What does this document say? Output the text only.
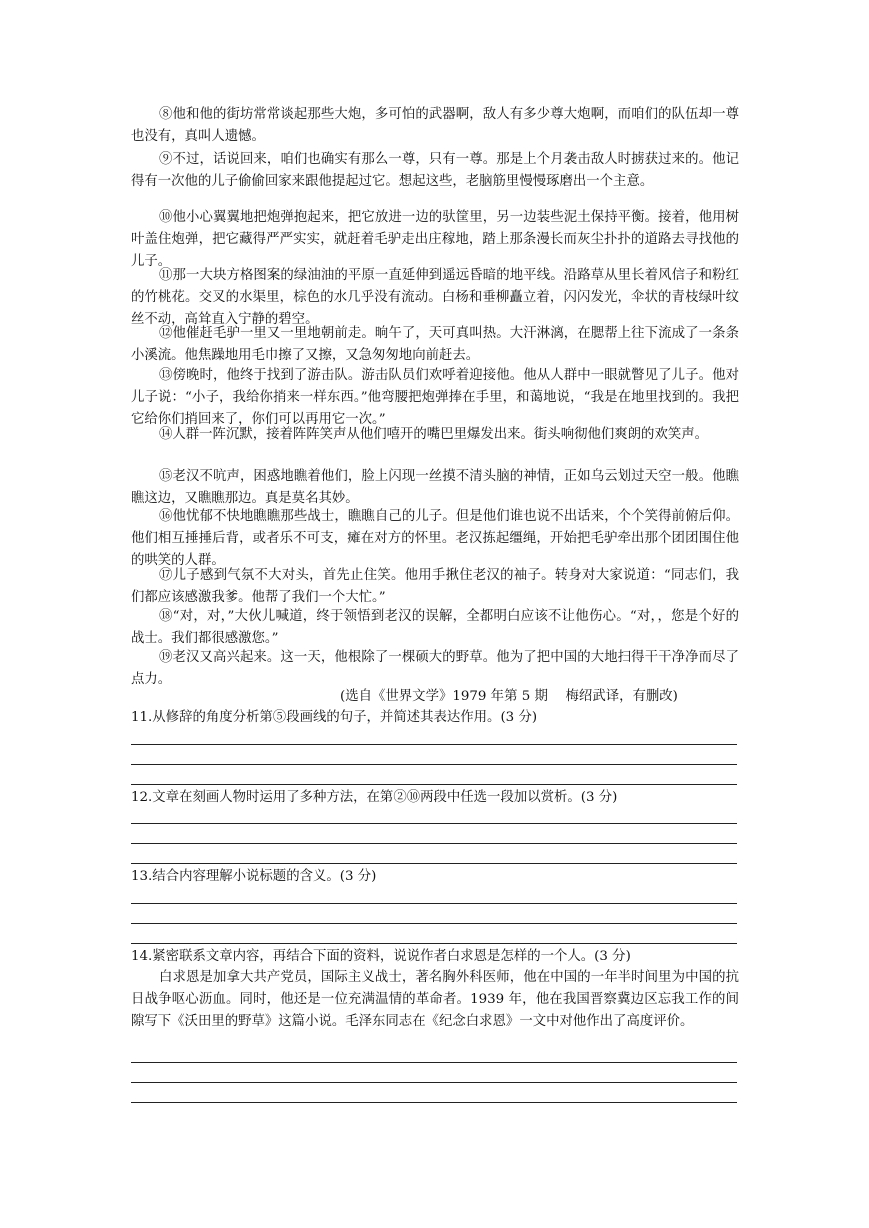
⑧他和他的街坊常常谈起那些大炮，多可怕的武器啊，敌人有多少尊大炮啊，而咱们的队伍却一尊也没有，真叫人遗憾。

⑨不过，话说回来，咱们也确实有那么一尊，只有一尊。那是上个月袭击敌人时掳获过来的。他记得有一次他的儿子偷偷回家来跟他提起过它。想起这些，老脑筋里慢慢琢磨出一个主意。

⑩他小心翼翼地把炮弹抱起来，把它放进一边的驮筐里，另一边装些泥土保持平衡。接着，他用树叶盖住炮弹，把它藏得严严实实，就赶着毛驴走出庄稼地，踏上那条漫长而灰尘扑扑的道路去寻找他的儿子。

⑪那一大块方格图案的绿油油的平原一直延伸到遥远昏暗的地平线。沿路草从里长着风信子和粉红的竹桃花。交叉的水渠里，棕色的水几乎没有流动。白杨和垂柳矗立着，闪闪发光，伞状的青枝绿叶纹丝不动，高耸直入宁静的碧空。

⑫他催赶毛驴一里又一里地朝前走。晌午了，天可真叫热。大汗淋漓，在腮帮上往下流成了一条条小溪流。他焦躁地用毛巾擦了又擦，又急匆匆地向前赶去。

⑬傍晚时，他终于找到了游击队。游击队员们欢呼着迎接他。他从人群中一眼就瞥见了儿子。他对儿子说：“小子，我给你捎来一样东西。”他弯腰把炮弹捧在手里，和蔼地说，“我是在地里找到的。我把它给你们捎回来了，你们可以再用它一次。”

⑭人群一阵沉默，接着阵阵笑声从他们嘻开的嘴巴里爆发出来。街头响彻他们爽朗的欢笑声。

⑮老汉不吭声，困惑地瞧着他们，脸上闪现一丝摸不清头脑的神情，正如乌云划过天空一般。他瞧瞧这边，又瞧瞧那边。真是莫名其妙。

⑯他忧郁不快地瞧瞧那些战士，瞧瞧自己的儿子。但是他们谁也说不出话来，个个笑得前俯后仰。他们相互捶捶后背，或者乐不可支，瘫在对方的怀里。老汉拣起缰绳，开始把毛驴牵出那个团团围住他的哄笑的人群。

⑰儿子感到气氛不大对头，首先止住笑。他用手揪住老汉的袖子。转身对大家说道：“同志们，我们都应该感激我爹。他帮了我们一个大忙。”

⑱“对，对，”大伙儿喊道，终于领悟到老汉的误解，全都明白应该不让他伤心。“对，，您是个好的战士。我们都很感激您。”

⑲老汉又高兴起来。这一天，他根除了一棵硕大的野草。他为了把中国的大地扫得干干净净而尽了点力。

(选自《世界文学》1979 年第 5 期　 梅绍武译，有删改)

11.从修辞的角度分析第⑤段画线的句子，并简述其表达作用。(3 分)

12.文章在刻画人物时运用了多种方法，在第②⑩两段中任选一段加以赏析。(3 分)

13.结合内容理解小说标题的含义。(3 分)

14.紧密联系文章内容，再结合下面的资料，说说作者白求恩是怎样的一个人。(3 分)

白求恩是加拿大共产党员，国际主义战士，著名胸外科医师，他在中国的一年半时间里为中国的抗日战争呕心沥血。同时，他还是一位充满温情的革命者。1939 年，他在我国晋察冀边区忘我工作的间隙写下《沃田里的野草》这篇小说。毛泽东同志在《纪念白求恩》一文中对他作出了高度评价。
